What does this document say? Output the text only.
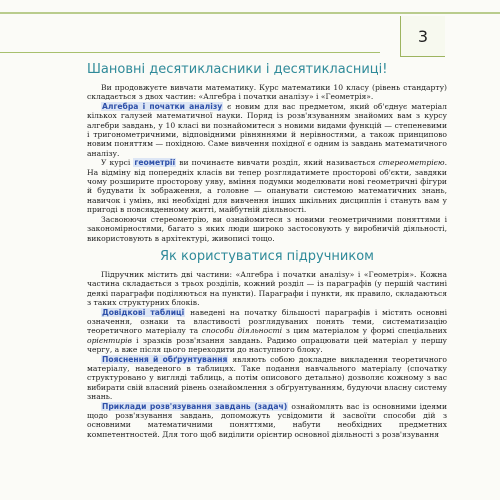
3
Шановні десятикласники і десятикласниці!

Ви продовжуєте вивчати математику. Курс математики 10 класу (рівень стандарту) складається з двох частин: «Алгебра і початки аналізу» і «Геометрія».

Алгебра і початки аналізу є новим для вас предметом, який об'єднує матеріал кількох галузей математичної науки. Поряд із розв'язуванням знайомих вам з курсу алгебри завдань, у 10 класі ви познайомитеся з новими видами функцій — степеневими і тригонометричними, відповідними рівняннями й нерівностями, а також принципово новим поняттям — похідною. Саме вивчення похідної є одним із завдань математичного аналізу.

У курсі геометрії ви починаєте вивчати розділ, який називається стереометрією. На відміну від попередніх класів ви тепер розглядатимете просторові об'єкти, завдяки чому розширите просторову уяву, вміння подумки моделювати нові геометричні фігури й будувати їх зображення, а головне — опанувати системою математичних знань, навичок і умінь, які необхідні для вивчення інших шкільних дисциплін і стануть вам у пригоді в повсякденному житті, майбутній діяльності.

Засвоюючи стереометрію, ви ознайомитеся з новими геометричними поняттями і закономірностями, багато з яких люди широко застосовують у виробничій діяльності, використовують в архітектурі, живописі тощо.

Як користуватися підручником

Підручник містить дві частини: «Алгебра і початки аналізу» і «Геометрія». Кожна частина складається з трьох розділів, кожний розділ — із параграфів (у першій частині деякі параграфи поділяються на пункти). Параграфи і пункти, як правило, складаються з таких структурних блоків.

Довідкові таблиці наведені на початку більшості параграфів і містять основні означення, ознаки та властивості розглядуваних понять теми, систематизацію теоретичного матеріалу та способи діяльності з цим матеріалом у формі спеціальних орієнтирів і зразків розв'язання завдань. Радимо опрацювати цей матеріал у першу чергу, а вже після цього переходити до наступного блоку.

Пояснення й обґрунтування являють собою докладне викладення теоретичного матеріалу, наведеного в таблицях. Таке подання навчального матеріалу (спочатку структуровано у вигляді таблиць, а потім описового детально) дозволяє кожному з вас вибирати свій власний рівень ознайомлення з обґрунтуванням, будуючи власну систему знань.

Приклади розв'язування завдань (задач) ознайомлять вас із основними ідеями щодо розв'язування завдань, допоможуть усвідомити й засвоїти способи дій з основними математичними поняттями, набути необхідних предметних компетентностей. Для того щоб виділити орієнтир основної діяльності з розв'язування
